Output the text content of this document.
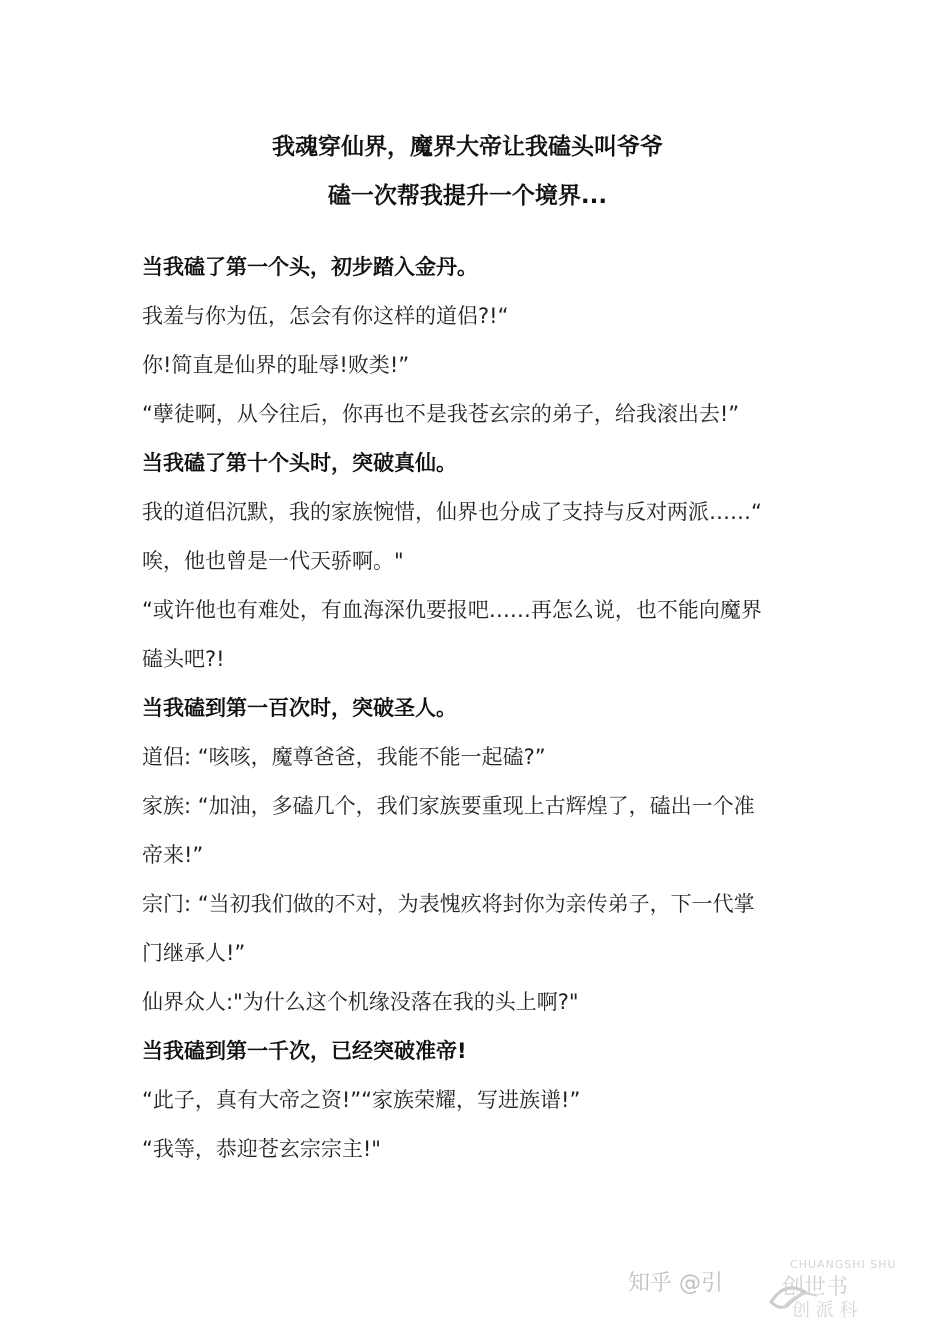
我魂穿仙界，魔界大帝让我磕头叫爷爷
磕一次帮我提升一个境界...
当我磕了第一个头，初步踏入金丹。
我羞与你为伍，怎会有你这样的道侣?!“
你!简直是仙界的耻辱!败类!”
“孽徒啊，从今往后，你再也不是我苍玄宗的弟子，给我滚出去!”
当我磕了第十个头时，突破真仙。
我的道侣沉默，我的家族惋惜，仙界也分成了支持与反对两派……“
唉，他也曾是一代天骄啊。"
“或许他也有难处，有血海深仇要报吧……再怎么说，也不能向魔界
磕头吧?!
当我磕到第一百次时，突破圣人。
道侣: “咳咳，魔尊爸爸，我能不能一起磕?”
家族: “加油，多磕几个，我们家族要重现上古辉煌了，磕出一个准
帝来!”
宗门: “当初我们做的不对，为表愧疚将封你为亲传弟子，下一代掌
门继承人!”
仙界众人:"为什么这个机缘没落在我的头上啊?"
当我磕到第一千次，已经突破准帝!
“此子，真有大帝之资!”“家族荣耀，写进族谱!”
“我等，恭迎苍玄宗宗主!"
知乎 @引
CHUANGSHI SHU
创世书
创 派 科
